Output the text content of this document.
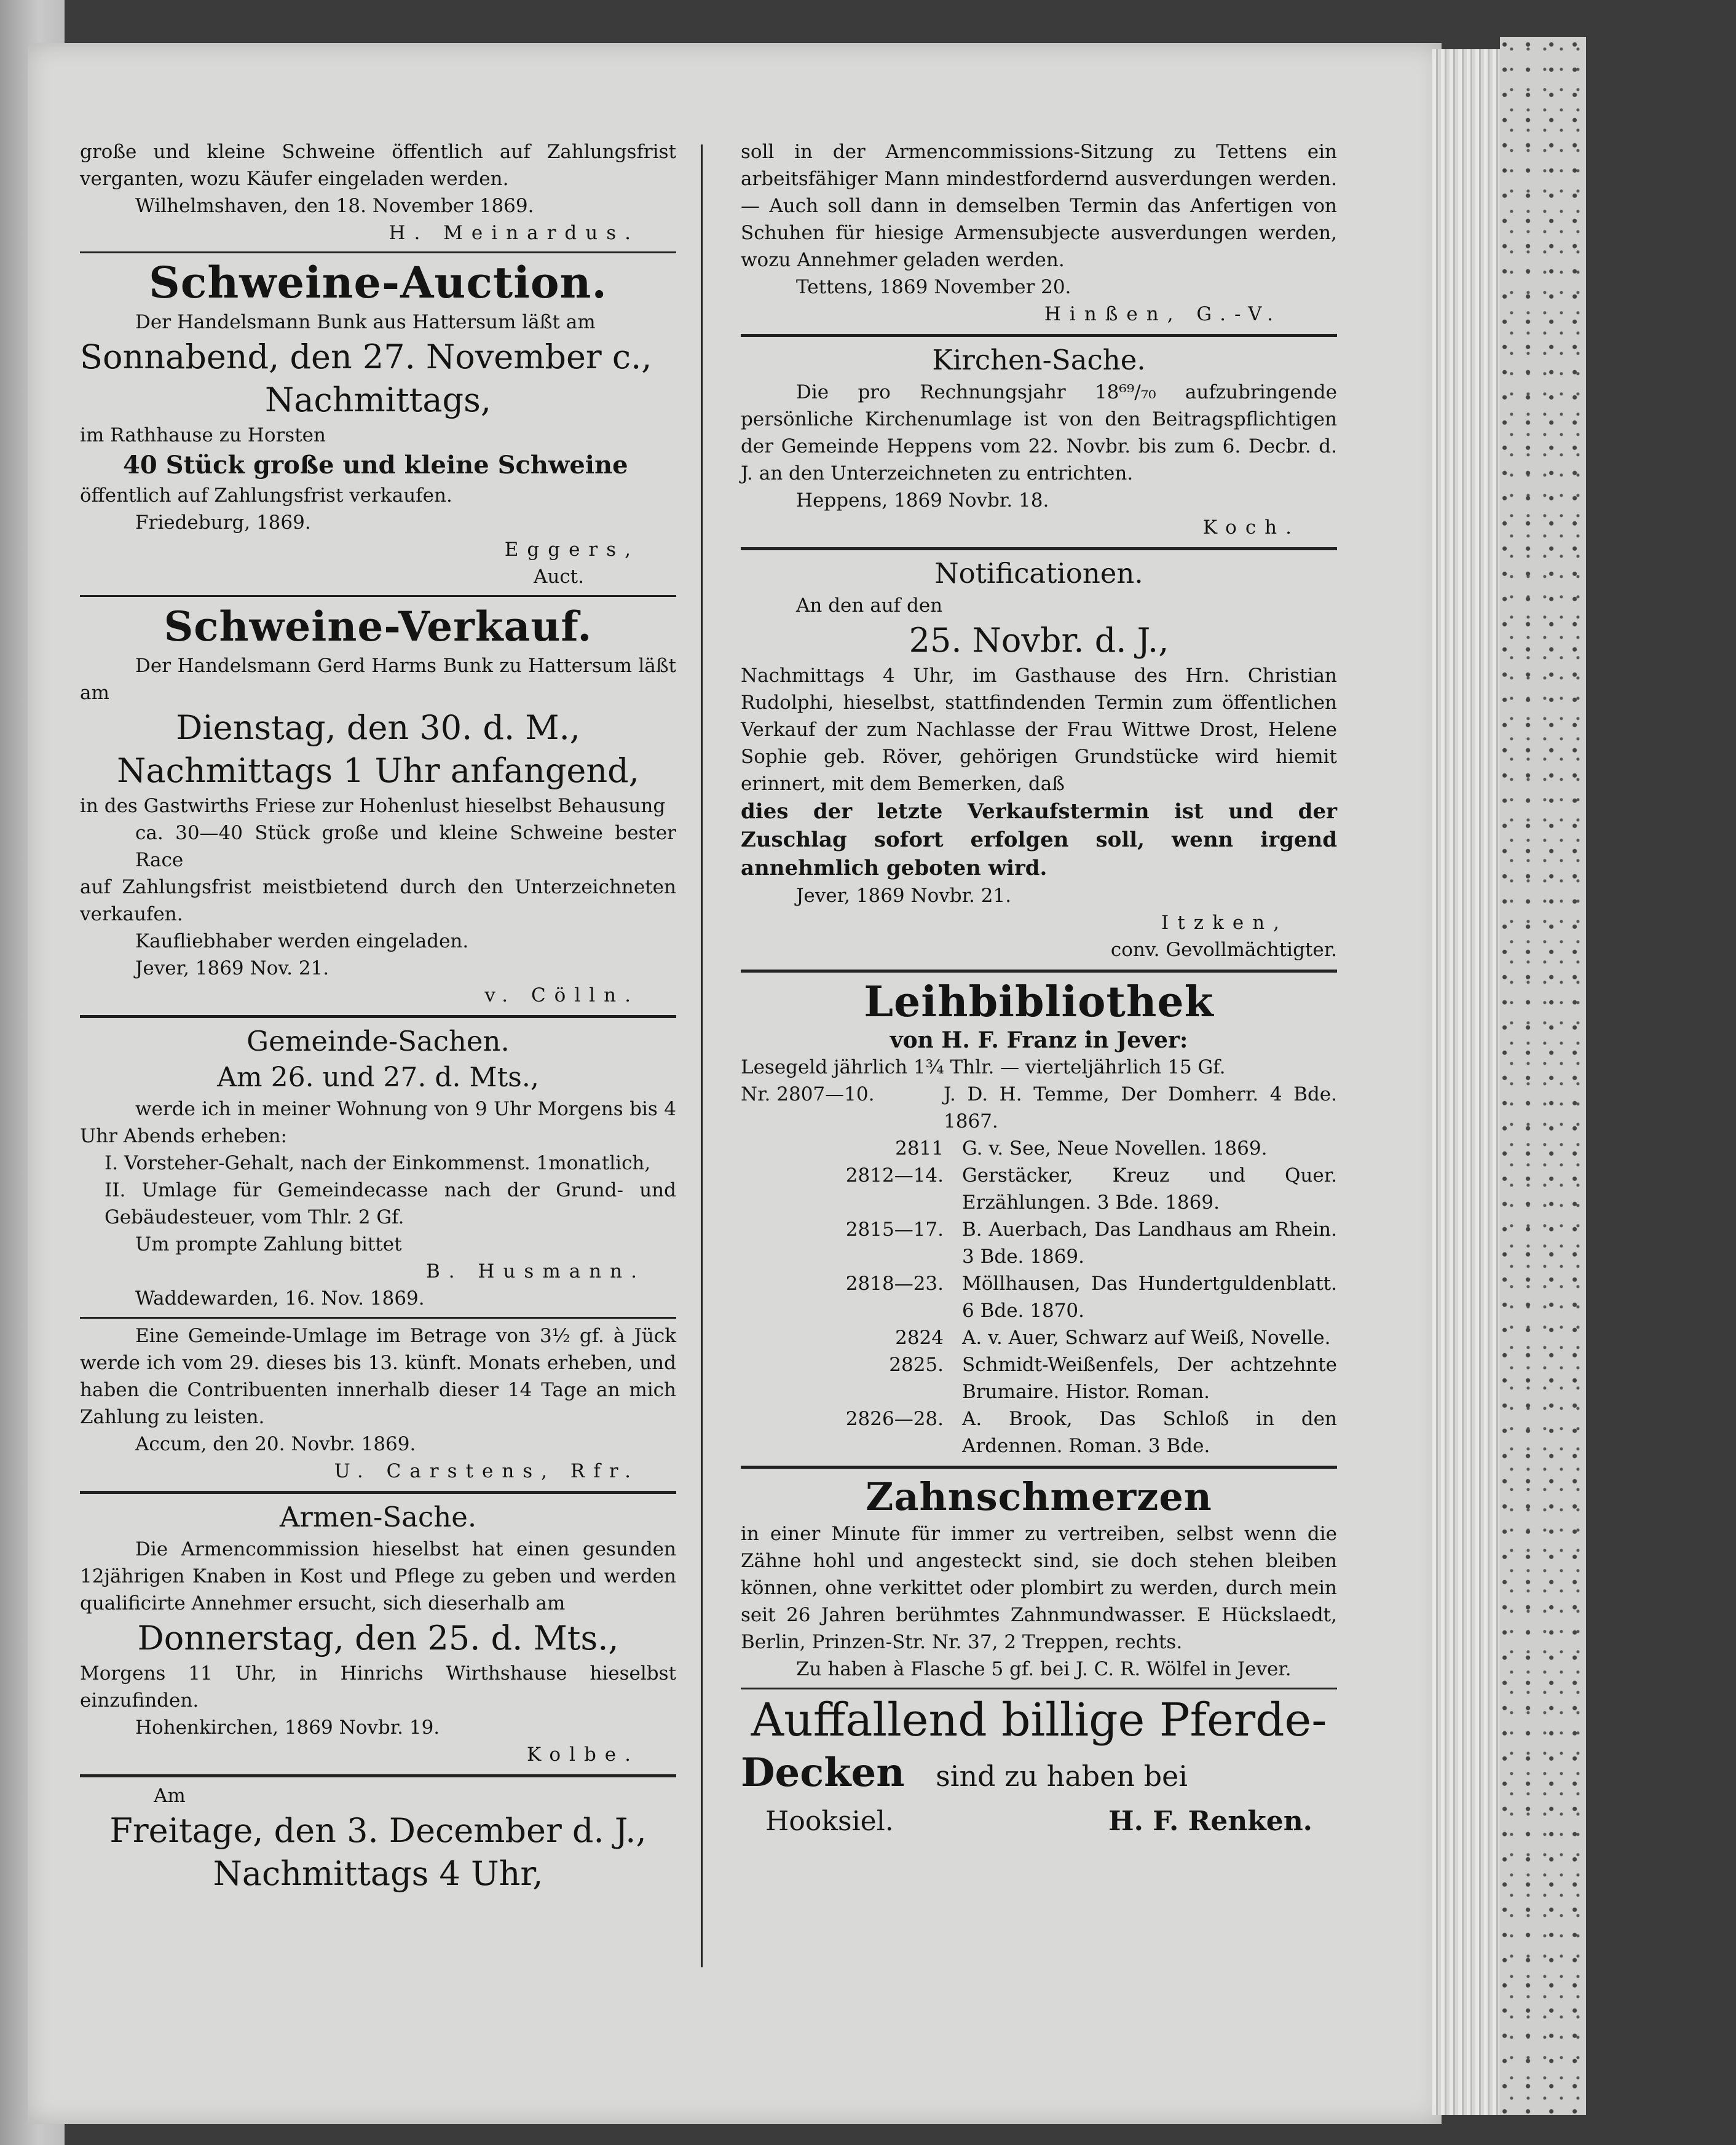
große und kleine Schweine öffentlich auf Zahlungsfrist verganten, wozu Käufer eingeladen werden.

Wilhelmshaven, den 18. November 1869.

H. Meinardus.

Schweine-Auction.

Der Handelsmann Bunk aus Hattersum läßt am

Sonnabend, den 27. November c.,

Nachmittags,

im Rathhause zu Horsten

40 Stück große und kleine Schweine

öffentlich auf Zahlungsfrist verkaufen.

Friedeburg, 1869.

Eggers,

Auct.

Schweine-Verkauf.

Der Handelsmann Gerd Harms Bunk zu Hattersum läßt am

Dienstag, den 30. d. M.,

Nachmittags 1 Uhr anfangend,

in des Gastwirths Friese zur Hohenlust hieselbst Behausung

ca. 30—40 Stück große und kleine Schweine bester Race

auf Zahlungsfrist meistbietend durch den Unterzeichneten verkaufen.

Kaufliebhaber werden eingeladen.

Jever, 1869 Nov. 21.

v. Cölln.

Gemeinde-Sachen.

Am 26. und 27. d. Mts.,

werde ich in meiner Wohnung von 9 Uhr Morgens bis 4 Uhr Abends erheben:

I. Vorsteher-Gehalt, nach der Einkommenst. 1monatlich,

II. Umlage für Gemeindecasse nach der Grund- und Gebäudesteuer, vom Thlr. 2 Gf.

Um prompte Zahlung bittet

B. Husmann.

Waddewarden, 16. Nov. 1869.

Eine Gemeinde-Umlage im Betrage von 3½ gf. à Jück werde ich vom 29. dieses bis 13. künft. Monats erheben, und haben die Contribuenten innerhalb dieser 14 Tage an mich Zahlung zu leisten.

Accum, den 20. Novbr. 1869.

U. Carstens, Rfr.

Armen-Sache.

Die Armencommission hieselbst hat einen gesunden 12jährigen Knaben in Kost und Pflege zu geben und werden qualificirte Annehmer ersucht, sich dieserhalb am

Donnerstag, den 25. d. Mts.,

Morgens 11 Uhr, in Hinrichs Wirthshause hieselbst einzufinden.

Hohenkirchen, 1869 Novbr. 19.

Kolbe.

Am

Freitage, den 3. December d. J.,

Nachmittags 4 Uhr,

soll in der Armencommissions-Sitzung zu Tettens ein arbeitsfähiger Mann mindestfordernd ausverdungen werden. — Auch soll dann in demselben Termin das Anfertigen von Schuhen für hiesige Armensubjecte ausverdungen werden, wozu Annehmer geladen werden.

Tettens, 1869 November 20.

Hinßen, G.-V.

Kirchen-Sache.

Die pro Rechnungsjahr 18⁶⁹/₇₀ aufzubringende persönliche Kirchenumlage ist von den Beitragspflichtigen der Gemeinde Heppens vom 22. Novbr. bis zum 6. Decbr. d. J. an den Unterzeichneten zu entrichten.

Heppens, 1869 Novbr. 18.

Koch.

Notificationen.

An den auf den

25. Novbr. d. J.,

Nachmittags 4 Uhr, im Gasthause des Hrn. Christian Rudolphi, hieselbst, stattfindenden Termin zum öffentlichen Verkauf der zum Nachlasse der Frau Wittwe Drost, Helene Sophie geb. Röver, gehörigen Grundstücke wird hiemit erinnert, mit dem Bemerken, daß

dies der letzte Verkaufstermin ist und der Zuschlag sofort erfolgen soll, wenn irgend annehmlich geboten wird.

Jever, 1869 Novbr. 21.

Itzken,

conv. Gevollmächtigter.

Leihbibliothek

von H. F. Franz in Jever:

Lesegeld jährlich 1¾ Thlr. — vierteljährlich 15 Gf.

Nr. 2807—10.	J. D. H. Temme, Der Domherr. 4 Bde. 1867.
2811 G. v. See, Neue Novellen. 1869.
2812—14. Gerstäcker, Kreuz und Quer. Erzählungen. 3 Bde. 1869.
2815—17. B. Auerbach, Das Landhaus am Rhein. 3 Bde. 1869.
2818—23. Möllhausen, Das Hundertguldenblatt. 6 Bde. 1870.
2824 A. v. Auer, Schwarz auf Weiß, Novelle.
2825. Schmidt-Weißenfels, Der achtzehnte Brumaire. Histor. Roman.
2826—28. A. Brook, Das Schloß in den Ardennen. Roman. 3 Bde.

Zahnschmerzen

in einer Minute für immer zu vertreiben, selbst wenn die Zähne hohl und angesteckt sind, sie doch stehen bleiben können, ohne verkittet oder plombirt zu werden, durch mein seit 26 Jahren berühmtes Zahnmundwasser. E Hückslaedt, Berlin, Prinzen-Str. Nr. 37, 2 Treppen, rechts.

Zu haben à Flasche 5 gf. bei J. C. R. Wölfel in Jever.

Auffallend billige Pferde-

Decken sind zu haben bei

Hooksiel.	H. F. Renken.
